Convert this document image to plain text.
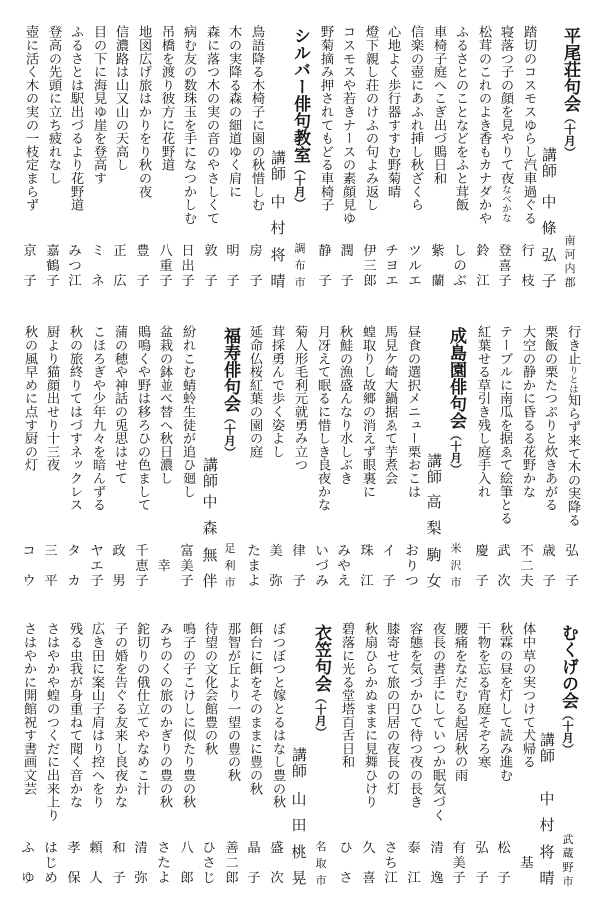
平尾荘句会（十月）
南
河
内
郡
講師
中
條
弘
子
踏切のコスモスゆらし汽車過ぐる
行
枝
寝落つ子の顔を見やりて夜なべかな
登
喜
子
松茸のこれのよき香もカナダかや
鈴
江
ふるさとのことなどをふと茸飯
し
の
ぶ
車椅子庭へこぎ出づ鵙日和
紫
蘭
信楽の壺にあふれ挿し秋ざくら
ツ
ル
エ
心地よく歩行器すすむ野菊晴
チ
ヨ
エ
燈下親し荘のけふの句よみ返し
伊
三
郎
コスモスや若きナースの素顔見ゆ
潤
子
野菊摘み押されてもどる車椅子
静
子
シルバー俳句教室（十月）
調
布
市
講師
中
村
将
晴
鳥語降る木椅子に園の秋惜しむ
房
子
木の実降る森の細道ゆく肩に
明
子
森に落つ木の実の音のやさしくて
敦
子
病む友の数珠玉を手になつかしむ
日
出
子
吊橋を渡り彼方に花野道
八
重
子
地図広げ旅はかりをり秋の夜
豊
子
信濃路は山又山の天高し
正
広
目の下に海見ゆ崖を登高す
ミ
ネ
ふるさとは駅出づるより花野道
み
つ
江
登高の先頭に立ち疲れなし
嘉
鶴
子
壺に活く木の実の一枝定まらず
京
子
行き止りとは知らず来て木の実降る
弘
子
栗飯の栗たつぷりと炊きあがる
歳
子
大空の静かに昏るる花野かな
不
二
夫
テーブルに南瓜を据ゑて絵筆とる
武
次
紅葉せる草引き残し庭手入れ
慶
子
成島園俳句会（十月）
米
沢
市
講師
高
梨
駒
女
昼食の選択メニュー栗おこは
お
り
つ
馬見ケ崎大鍋据ゑて芋煮会
イ
子
蝗取りし故郷の消えず眼裏に
珠
江
秋鮭の漁盛んなり水しぶき
み
や
え
月冴えて眠るに惜しき良夜かな
い
づ
み
菊人形毛利元就勇み立つ
律
子
茸採勇んで歩く姿よし
美
弥
延命仏桜紅葉の園の庭
た
ま
よ
福寿俳句会（十月）
足
利
市
講師
中
森
無
伴
紛れこむ蜻蛉生徒が追ひ廻し
富
美
子
盆栽の鉢並べ替へ秋日濃し
幸
鵙鳴くや野は移ろひの色まして
千
恵
子
蒲の穂や神話の兎思はせて
政
男
こほろぎや少年九々を暗んずる
ヤ
エ
子
秋の旅終りてはづすネックレス
タ
カ
厨より猫顔出せり十三夜
三
平
秋の風早めに点す厨の灯
コ
ウ
むくげの会（十月）
武
蔵
野
市
講師
中
村
将
晴
体中草の実つけて犬帰る
基
秋霖の昼を灯して読み進む
松
子
干物を忘る宵庭そぞろ寒
弘
子
腰痛をなだむる起居秋の雨
有
美
子
夜長の書手にしていつか眠気づく
清
逸
容態を気づかひて待つ夜の長き
泰
江
膝寄せて旅の円居の夜長の灯
さ
ち
江
秋扇ひらかぬままに見舞ひけり
久
喜
碧落に光る堂塔百舌日和
ひ
さ
衣笠句会（十月）
名
取
市
講師
山
田
桃
晃
ぼつぼつと嫁とるはなし豊の秋
盛
次
餌台に餌をそのままに豊の秋
晶
子
那智が丘より一望の豊の秋
善
二
郎
待望の文化会館豊の秋
ひ
さ
じ
鳴子の子こけしに似たり豊の秋
八
郎
みちのくの旅のかぎりの豊の秋
さ
た
よ
鉈切りの俄仕立てやなめこ汁
清
弥
子の婚を告ぐる友来し良夜かな
和
子
広き田に案山子肩はり控へをり
頼
人
残る虫我が身重ねて聞く音かな
孝
保
さはやかや蝗のつくだに出来上り
は
じ
め
さはやかに開館祝す書画文芸
ふ
ゆ
